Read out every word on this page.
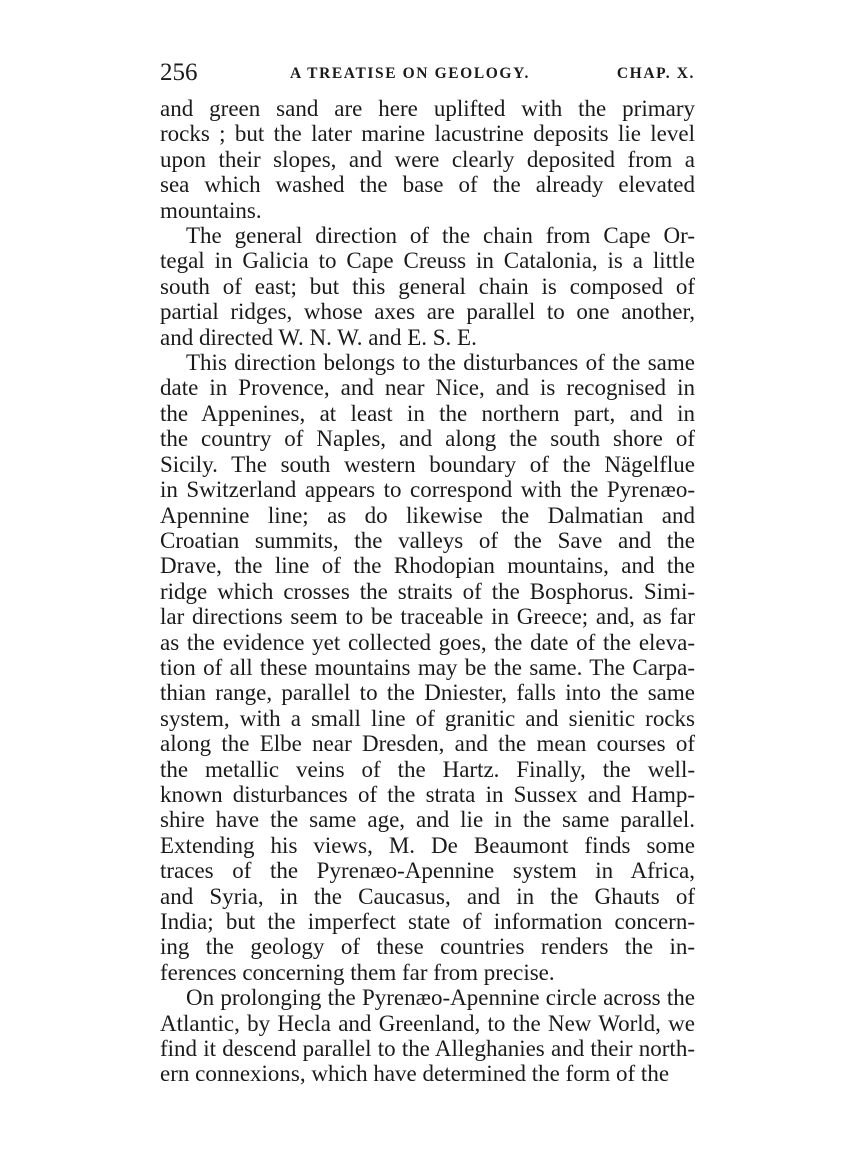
256	A TREATISE ON GEOLOGY.	CHAP. X.

and green sand are here uplifted with the primary

rocks ; but the later marine lacustrine deposits lie level

upon their slopes, and were clearly deposited from a

sea which washed the base of the already elevated

mountains.

The general direction of the chain from Cape Or-

tegal in Galicia to Cape Creuss in Catalonia, is a little

south of east; but this general chain is composed of

partial ridges, whose axes are parallel to one another,

and directed W. N. W. and E. S. E.

This direction belongs to the disturbances of the same

date in Provence, and near Nice, and is recognised in

the Appenines, at least in the northern part, and in

the country of Naples, and along the south shore of

Sicily. The south western boundary of the Nägelflue

in Switzerland appears to correspond with the Pyrenæo-

Apennine line; as do likewise the Dalmatian and

Croatian summits, the valleys of the Save and the

Drave, the line of the Rhodopian mountains, and the

ridge which crosses the straits of the Bosphorus. Simi-

lar directions seem to be traceable in Greece; and, as far

as the evidence yet collected goes, the date of the eleva-

tion of all these mountains may be the same. The Carpa-

thian range, parallel to the Dniester, falls into the same

system, with a small line of granitic and sienitic rocks

along the Elbe near Dresden, and the mean courses of

the metallic veins of the Hartz. Finally, the well-

known disturbances of the strata in Sussex and Hamp-

shire have the same age, and lie in the same parallel.

Extending his views, M. De Beaumont finds some

traces of the Pyrenæo-Apennine system in Africa,

and Syria, in the Caucasus, and in the Ghauts of

India; but the imperfect state of information concern-

ing the geology of these countries renders the in-

ferences concerning them far from precise.

On prolonging the Pyrenæo-Apennine circle across the

Atlantic, by Hecla and Greenland, to the New World, we

find it descend parallel to the Alleghanies and their north-

ern connexions, which have determined the form of the
